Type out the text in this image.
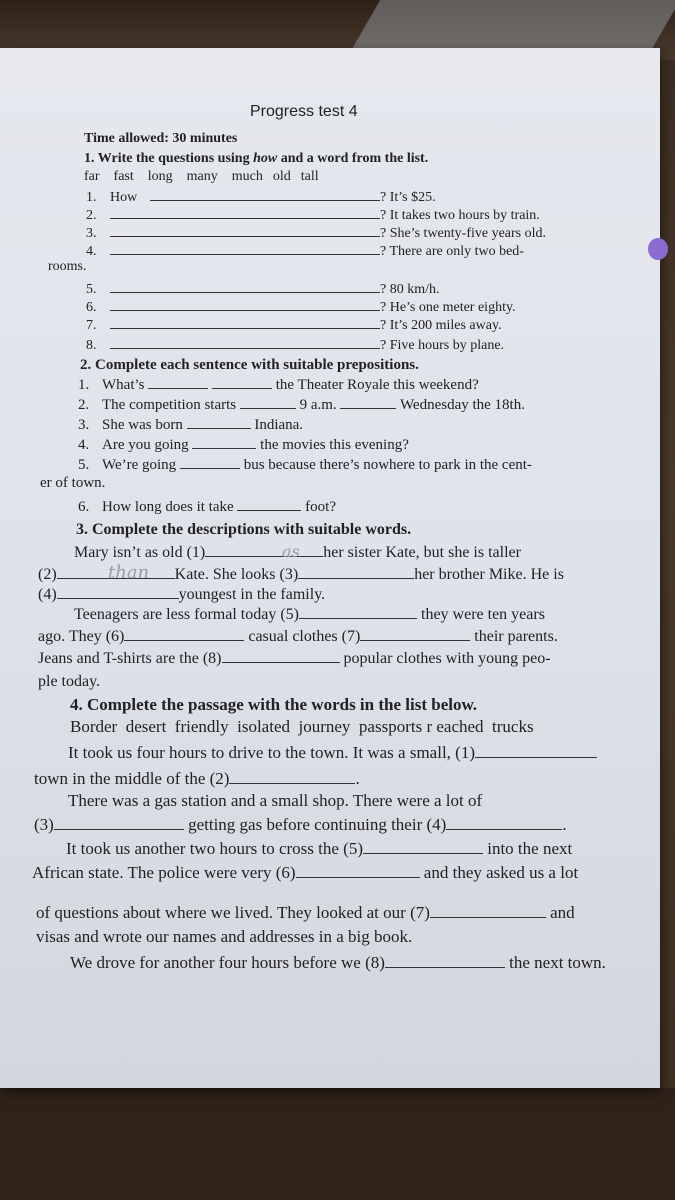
Progress test 4
Time allowed: 30 minutes
1. Write the questions using how and a word from the list.
far fast long many much old tall
1. How	? It’s $25.
2.	? It takes two hours by train.
3.	? She’s twenty-five years old.
4.	? There are only two bed-
rooms.
5.	? 80 km/h.
6.	? He’s one meter eighty.
7.	? It’s 200 miles away.
8.	? Five hours by plane.
2. Complete each sentence with suitable prepositions.
1. What’s	the Theater Royale this weekend?
2. The competition starts	9 a.m.	Wednesday the 18th.
3. She was born	Indiana.
4. Are you going	the movies this evening?
5. We’re going	bus because there’s nowhere to park in the cent-
er of town.
6. How long does it take	foot?
3. Complete the descriptions with suitable words.
Mary isn’t as old (1)	her sister Kate, but she is taller
as
(2)	Kate. She looks (3)	her brother Mike. He is
than
(4)	youngest in the family.
Teenagers are less formal today (5)	they were ten years
ago. They (6)	casual clothes (7)	their parents.
Jeans and T-shirts are the (8)	popular clothes with young peo-
ple today.
4. Complete the passage with the words in the list below.
Border  desert  friendly  isolated  journey  passports r eached  trucks
It took us four hours to drive to the town. It was a small, (1)
town in the middle of the (2)	.
There was a gas station and a small shop. There were a lot of
(3)	getting gas before continuing their (4)	.
It took us another two hours to cross the (5)	into the next
African state. The police were very (6)	and they asked us a lot
of questions about where we lived. They looked at our (7)	and
visas and wrote our names and addresses in a big book.
We drove for another four hours before we (8)	the next town.
